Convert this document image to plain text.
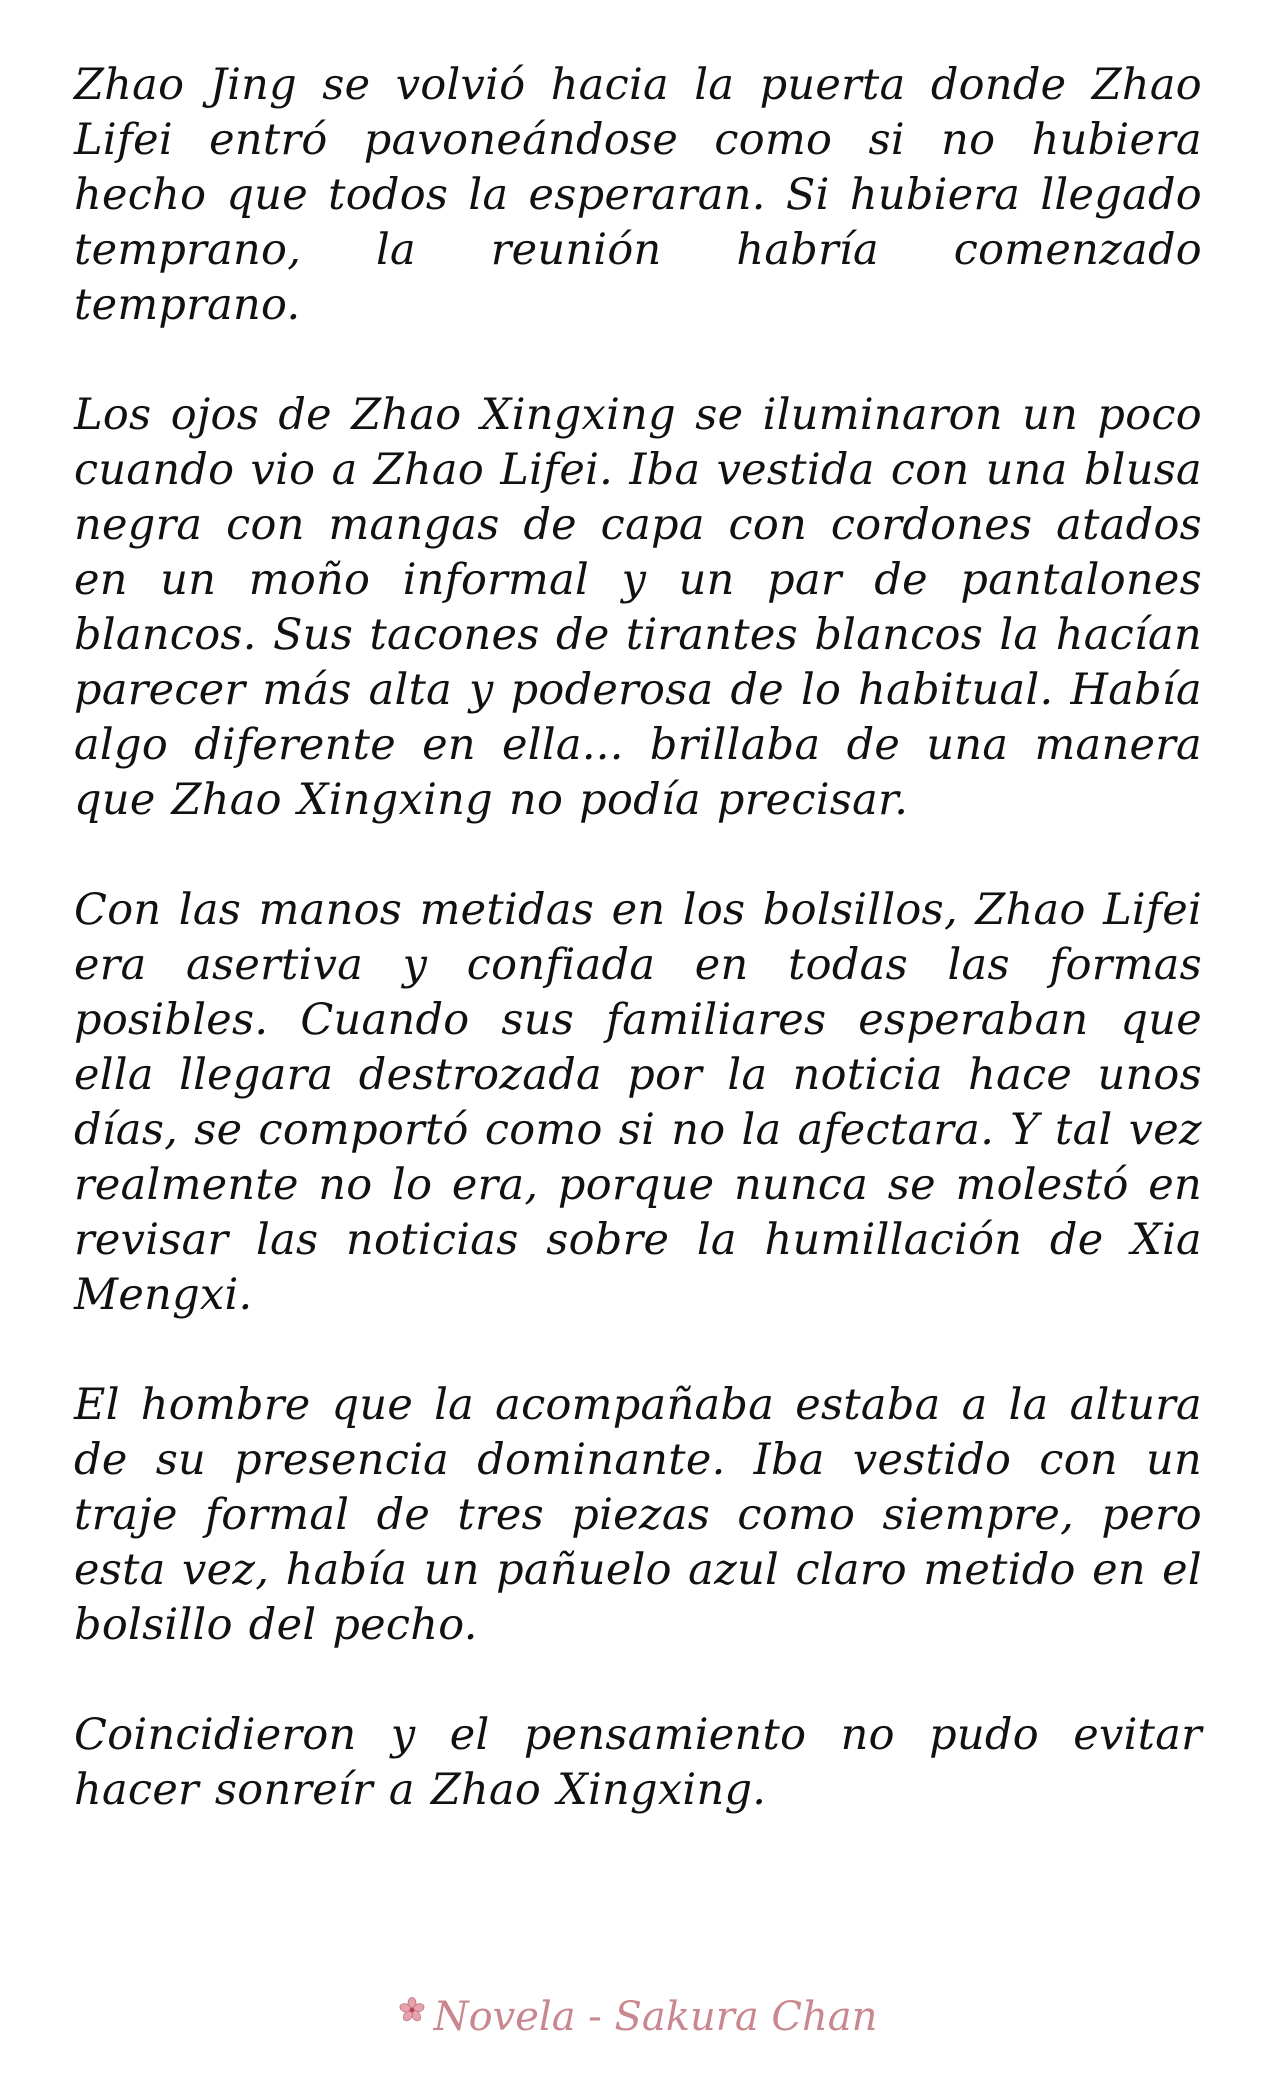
Zhao Jing se volvió hacia la puerta donde Zhao Lifei entró pavoneándose como si no hubiera hecho que todos la esperaran. Si hubiera llegado temprano, la reunión habría comenzado temprano.

Los ojos de Zhao Xingxing se iluminaron un poco cuando vio a Zhao Lifei. Iba vestida con una blusa negra con mangas de capa con cordones atados en un moño informal y un par de pantalones blancos. Sus tacones de tirantes blancos la hacían parecer más alta y poderosa de lo habitual. Había algo diferente en ella... brillaba de una manera que Zhao Xingxing no podía precisar.

Con las manos metidas en los bolsillos, Zhao Lifei era asertiva y confiada en todas las formas posibles. Cuando sus familiares esperaban que ella llegara destrozada por la noticia hace unos días, se comportó como si no la afectara. Y tal vez realmente no lo era, porque nunca se molestó en revisar las noticias sobre la humillación de Xia Mengxi.

El hombre que la acompañaba estaba a la altura de su presencia dominante. Iba vestido con un traje formal de tres piezas como siempre, pero esta vez, había un pañuelo azul claro metido en el bolsillo del pecho.

Coincidieron y el pensamiento no pudo evitar hacer sonreír a Zhao Xingxing.

Novela - Sakura Chan
